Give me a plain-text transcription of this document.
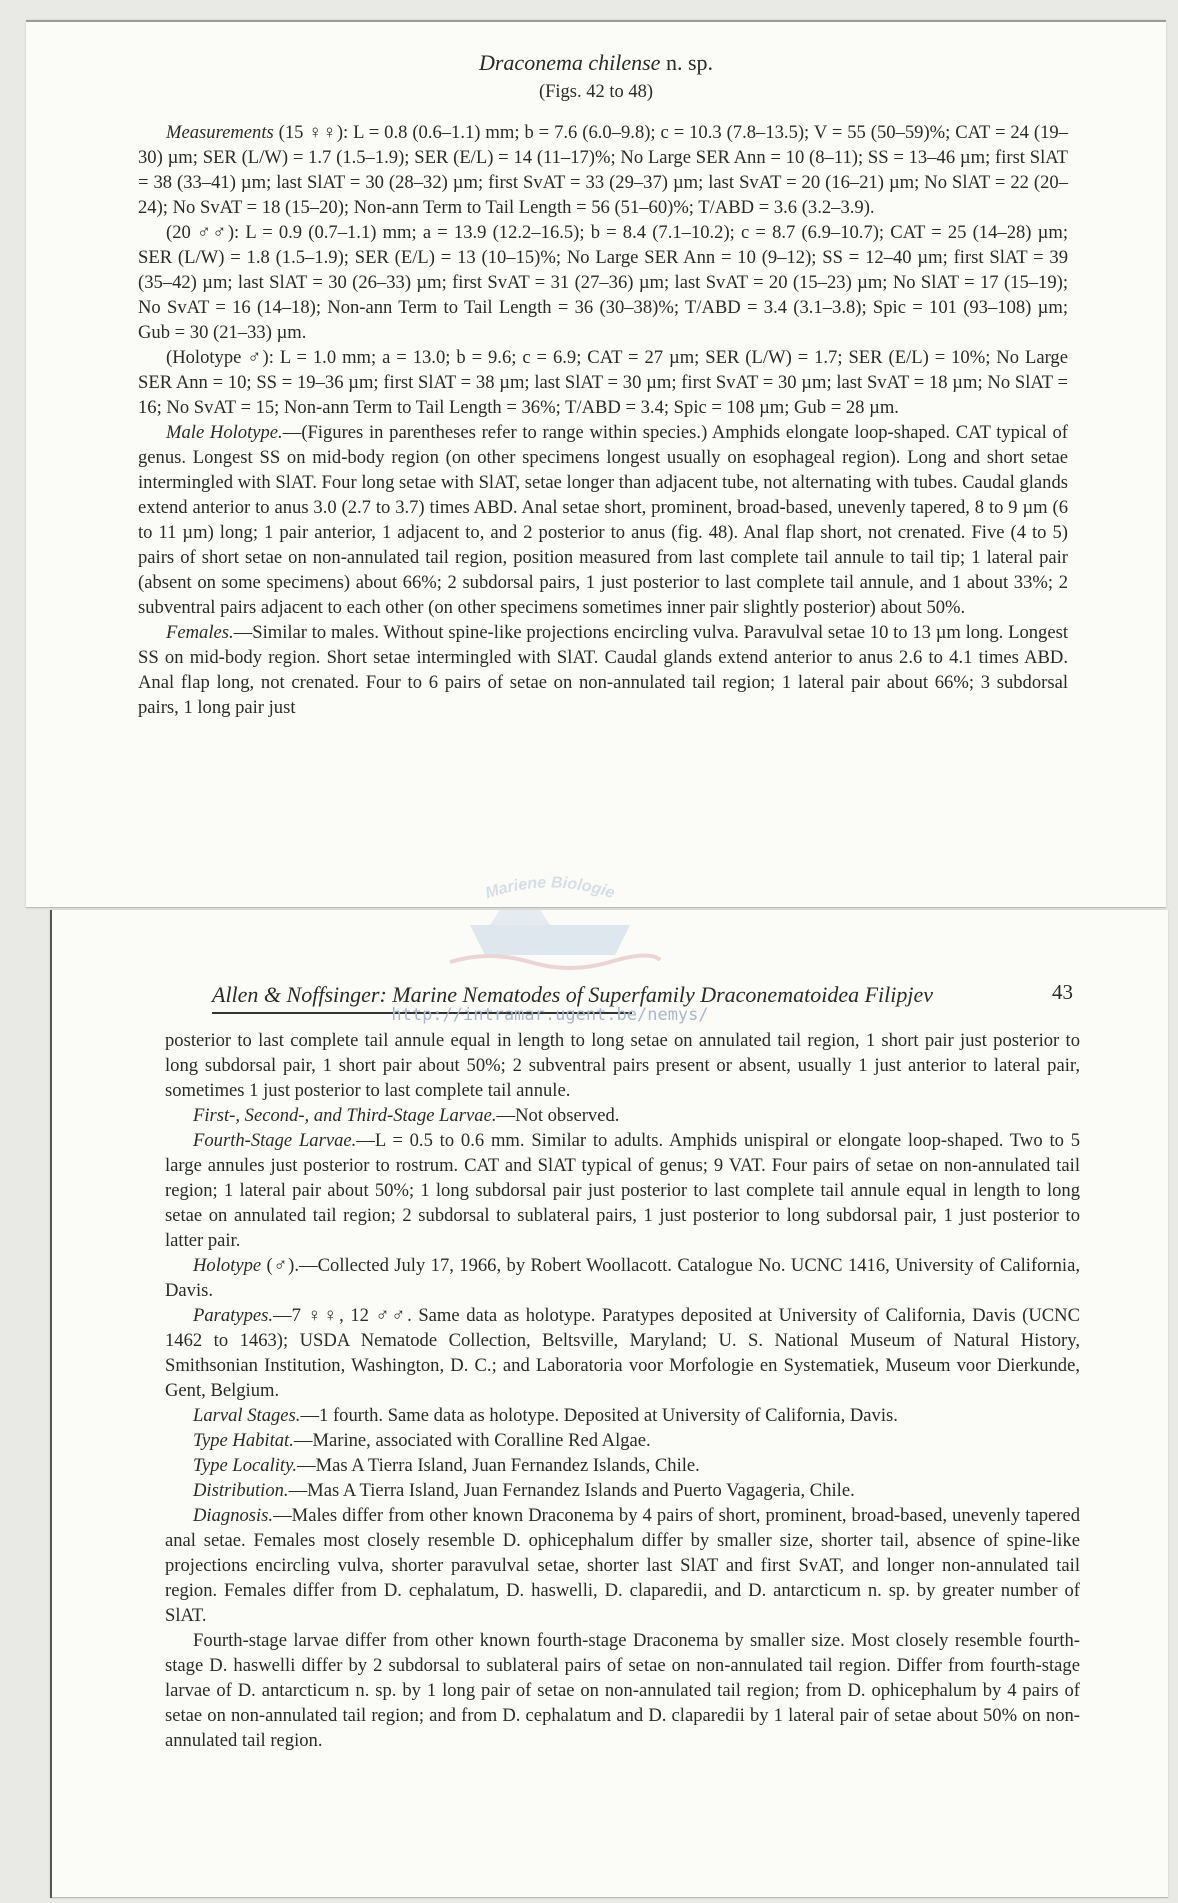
Draconema chilense n. sp.
(Figs. 42 to 48)

Measurements (15 ♀♀): L = 0.8 (0.6–1.1) mm; b = 7.6 (6.0–9.8); c = 10.3 (7.8–13.5); V = 55 (50–59)%; CAT = 24 (19–30) µm; SER (L/W) = 1.7 (1.5–1.9); SER (E/L) = 14 (11–17)%; No Large SER Ann = 10 (8–11); SS = 13–46 µm; first SlAT = 38 (33–41) µm; last SlAT = 30 (28–32) µm; first SvAT = 33 (29–37) µm; last SvAT = 20 (16–21) µm; No SlAT = 22 (20–24); No SvAT = 18 (15–20); Non-ann Term to Tail Length = 56 (51–60)%; T/ABD = 3.6 (3.2–3.9).

(20 ♂♂): L = 0.9 (0.7–1.1) mm; a = 13.9 (12.2–16.5); b = 8.4 (7.1–10.2); c = 8.7 (6.9–10.7); CAT = 25 (14–28) µm; SER (L/W) = 1.8 (1.5–1.9); SER (E/L) = 13 (10–15)%; No Large SER Ann = 10 (9–12); SS = 12–40 µm; first SlAT = 39 (35–42) µm; last SlAT = 30 (26–33) µm; first SvAT = 31 (27–36) µm; last SvAT = 20 (15–23) µm; No SlAT = 17 (15–19); No SvAT = 16 (14–18); Non-ann Term to Tail Length = 36 (30–38)%; T/ABD = 3.4 (3.1–3.8); Spic = 101 (93–108) µm; Gub = 30 (21–33) µm.

(Holotype ♂): L = 1.0 mm; a = 13.0; b = 9.6; c = 6.9; CAT = 27 µm; SER (L/W) = 1.7; SER (E/L) = 10%; No Large SER Ann = 10; SS = 19–36 µm; first SlAT = 38 µm; last SlAT = 30 µm; first SvAT = 30 µm; last SvAT = 18 µm; No SlAT = 16; No SvAT = 15; Non-ann Term to Tail Length = 36%; T/ABD = 3.4; Spic = 108 µm; Gub = 28 µm.

Male Holotype.—(Figures in parentheses refer to range within species.) Amphids elongate loop-shaped. CAT typical of genus. Longest SS on mid-body region (on other specimens longest usually on esophageal region). Long and short setae intermingled with SlAT. Four long setae with SlAT, setae longer than adjacent tube, not alternating with tubes. Caudal glands extend anterior to anus 3.0 (2.7 to 3.7) times ABD. Anal setae short, prominent, broad-based, unevenly tapered, 8 to 9 µm (6 to 11 µm) long; 1 pair anterior, 1 adjacent to, and 2 posterior to anus (fig. 48). Anal flap short, not crenated. Five (4 to 5) pairs of short setae on non-annulated tail region, position measured from last complete tail annule to tail tip; 1 lateral pair (absent on some specimens) about 66%; 2 subdorsal pairs, 1 just posterior to last complete tail annule, and 1 about 33%; 2 subventral pairs adjacent to each other (on other specimens sometimes inner pair slightly posterior) about 50%.

Females.—Similar to males. Without spine-like projections encircling vulva. Paravulval setae 10 to 13 µm long. Longest SS on mid-body region. Short setae intermingled with SlAT. Caudal glands extend anterior to anus 2.6 to 4.1 times ABD. Anal flap long, not crenated. Four to 6 pairs of setae on non-annulated tail region; 1 lateral pair about 66%; 3 subdorsal pairs, 1 long pair just

Allen & Noffsinger: Marine Nematodes of Superfamily Draconematoidea Filipjev	43

posterior to last complete tail annule equal in length to long setae on annulated tail region, 1 short pair just posterior to long subdorsal pair, 1 short pair about 50%; 2 subventral pairs present or absent, usually 1 just anterior to lateral pair, sometimes 1 just posterior to last complete tail annule.

First-, Second-, and Third-Stage Larvae.—Not observed.

Fourth-Stage Larvae.—L = 0.5 to 0.6 mm. Similar to adults. Amphids unispiral or elongate loop-shaped. Two to 5 large annules just posterior to rostrum. CAT and SlAT typical of genus; 9 VAT. Four pairs of setae on non-annulated tail region; 1 lateral pair about 50%; 1 long subdorsal pair just posterior to last complete tail annule equal in length to long setae on annulated tail region; 2 subdorsal to sublateral pairs, 1 just posterior to long subdorsal pair, 1 just posterior to latter pair.

Holotype (♂).—Collected July 17, 1966, by Robert Woollacott. Catalogue No. UCNC 1416, University of California, Davis.

Paratypes.—7 ♀♀, 12 ♂♂. Same data as holotype. Paratypes deposited at University of California, Davis (UCNC 1462 to 1463); USDA Nematode Collection, Beltsville, Maryland; U. S. National Museum of Natural History, Smithsonian Institution, Washington, D. C.; and Laboratoria voor Morfologie en Systematiek, Museum voor Dierkunde, Gent, Belgium.

Larval Stages.—1 fourth. Same data as holotype. Deposited at University of California, Davis.

Type Habitat.—Marine, associated with Coralline Red Algae.

Type Locality.—Mas A Tierra Island, Juan Fernandez Islands, Chile.

Distribution.—Mas A Tierra Island, Juan Fernandez Islands and Puerto Vagageria, Chile.

Diagnosis.—Males differ from other known Draconema by 4 pairs of short, prominent, broad-based, unevenly tapered anal setae. Females most closely resemble D. ophicephalum differ by smaller size, shorter tail, absence of spine-like projections encircling vulva, shorter paravulval setae, shorter last SlAT and first SvAT, and longer non-annulated tail region. Females differ from D. cephalatum, D. haswelli, D. claparedii, and D. antarcticum n. sp. by greater number of SlAT.

Fourth-stage larvae differ from other known fourth-stage Draconema by smaller size. Most closely resemble fourth-stage D. haswelli differ by 2 subdorsal to sublateral pairs of setae on non-annulated tail region. Differ from fourth-stage larvae of D. antarcticum n. sp. by 1 long pair of setae on non-annulated tail region; from D. ophicephalum by 4 pairs of setae on non-annulated tail region; and from D. cephalatum and D. claparedii by 1 lateral pair of setae about 50% on non-annulated tail region.

Mariene Biologie
http://intramar.ugent.be/nemys/
